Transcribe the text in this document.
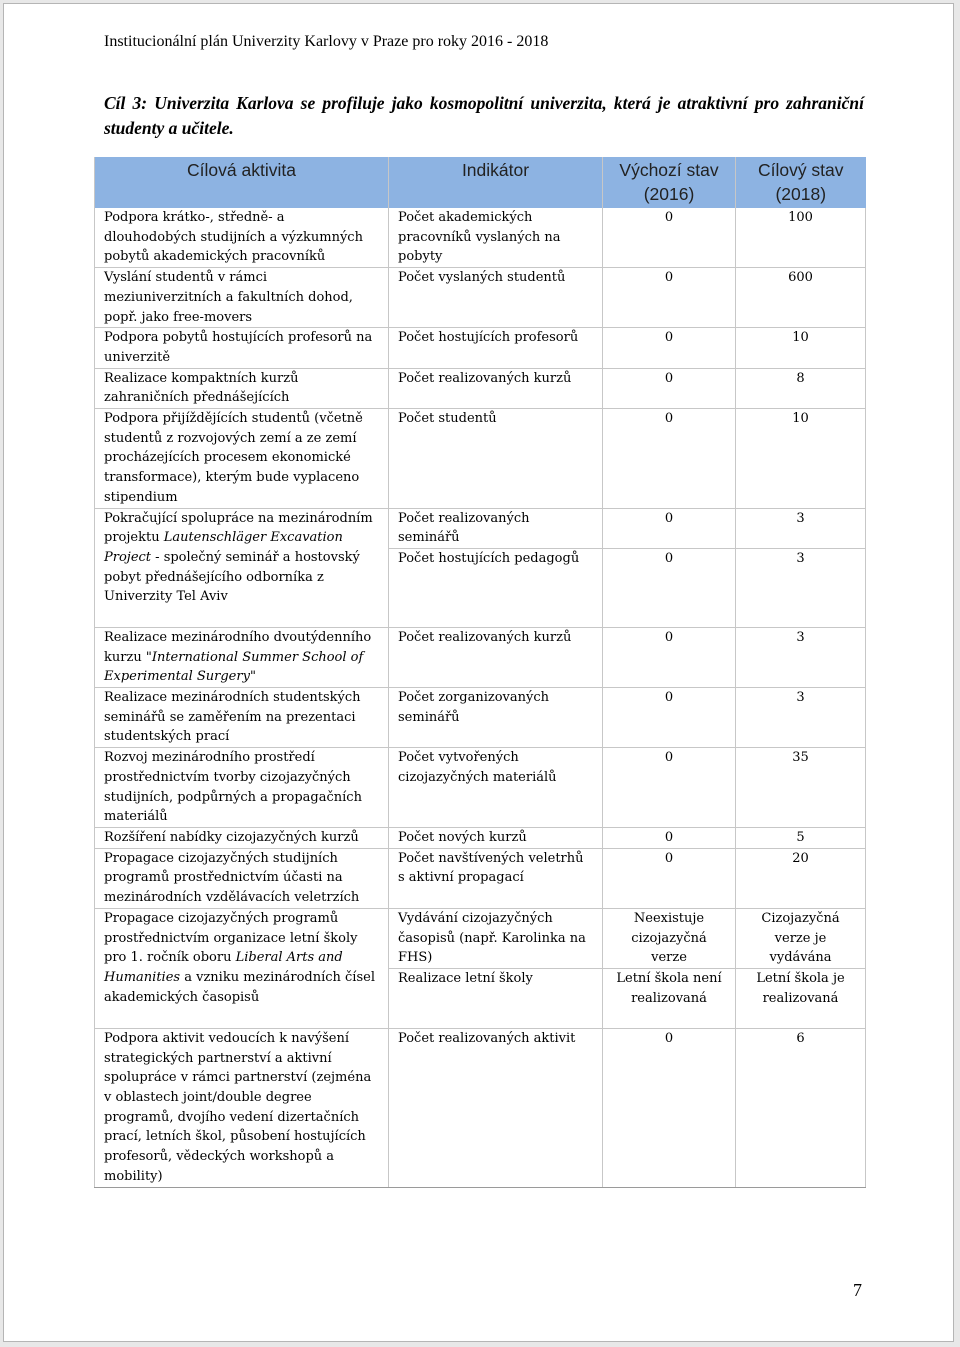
Institucionální plán Univerzity Karlovy v Praze pro roky 2016 - 2018
Cíl 3: Univerzita Karlova se profiluje jako kosmopolitní univerzita, která je atraktivní pro zahraniční studenty a učitele.
Cílová aktivita	Indikátor	Výchozí stav (2016)	Cílový stav (2018)
Podpora krátko-, středně- a dlouhodobých studijních a výzkumných pobytů akademických pracovníků	Počet akademických pracovníků vyslaných na pobyty	0	100
Vyslání studentů v rámci meziuniverzitních a fakultních dohod, popř. jako free-movers	Počet vyslaných studentů	0	600
Podpora pobytů hostujících profesorů na univerzitě	Počet hostujících profesorů	0	10
Realizace kompaktních kurzů zahraničních přednášejících	Počet realizovaných kurzů	0	8
Podpora přijíždějících studentů (včetně studentů z rozvojových zemí a ze zemí procházejících procesem ekonomické transformace), kterým bude vyplaceno stipendium	Počet studentů	0	10
Pokračující spolupráce na mezinárodním projektu Lautenschläger Excavation Project - společný seminář a hostovský pobyt přednášejícího odborníka z Univerzity Tel Aviv	Počet realizovaných seminářů	0	3
	Počet hostujících pedagogů	0	3
Realizace mezinárodního dvoutýdenního kurzu "International Summer School of Experimental Surgery"	Počet realizovaných kurzů	0	3
Realizace mezinárodních studentských seminářů se zaměřením na prezentaci studentských prací	Počet zorganizovaných seminářů	0	3
Rozvoj mezinárodního prostředí prostřednictvím tvorby cizojazyčných studijních, podpůrných a propagačních materiálů	Počet vytvořených cizojazyčných materiálů	0	35
Rozšíření nabídky cizojazyčných kurzů	Počet nových kurzů	0	5
Propagace cizojazyčných studijních programů prostřednictvím účasti na mezinárodních vzdělávacích veletrzích	Počet navštívených veletrhů s aktivní propagací	0	20
Propagace cizojazyčných programů prostřednictvím organizace letní školy pro 1. ročník oboru Liberal Arts and Humanities a vzniku mezinárodních čísel akademických časopisů	Vydávání cizojazyčných časopisů (např. Karolinka na FHS)	Neexistuje cizojazyčná verze	Cizojazyčná verze je vydávána
	Realizace letní školy	Letní škola není realizovaná	Letní škola je realizovaná
Podpora aktivit vedoucích k navýšení strategických partnerství a aktivní spolupráce v rámci partnerství (zejména v oblastech joint/double degree programů, dvojího vedení dizertačních prací, letních škol, působení hostujících profesorů, vědeckých workshopů a mobility)	Počet realizovaných aktivit	0	6
7
